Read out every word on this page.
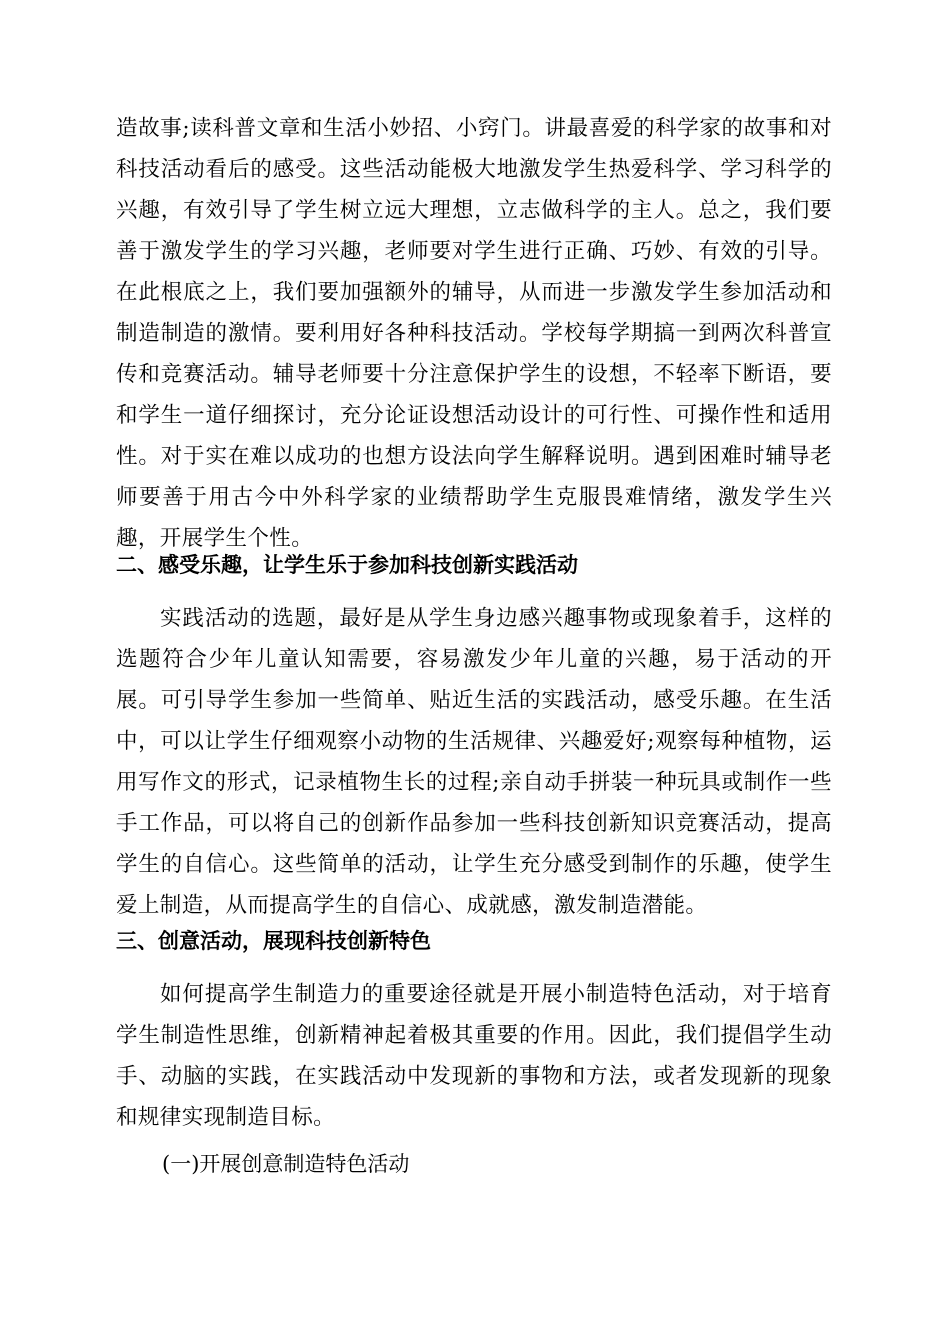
造故事;读科普文章和生活小妙招、小窍门。讲最喜爱的科学家的故事和对科技活动看后的感受。这些活动能极大地激发学生热爱科学、学习科学的兴趣，有效引导了学生树立远大理想，立志做科学的主人。总之，我们要善于激发学生的学习兴趣，老师要对学生进行正确、巧妙、有效的引导。在此根底之上，我们要加强额外的辅导，从而进一步激发学生参加活动和制造制造的激情。要利用好各种科技活动。学校每学期搞一到两次科普宣传和竞赛活动。辅导老师要十分注意保护学生的设想，不轻率下断语，要和学生一道仔细探讨，充分论证设想活动设计的可行性、可操作性和适用性。对于实在难以成功的也想方设法向学生解释说明。遇到困难时辅导老师要善于用古今中外科学家的业绩帮助学生克服畏难情绪，激发学生兴趣，开展学生个性。

二、感受乐趣，让学生乐于参加科技创新实践活动

实践活动的选题，最好是从学生身边感兴趣事物或现象着手，这样的选题符合少年儿童认知需要，容易激发少年儿童的兴趣，易于活动的开展。可引导学生参加一些简单、贴近生活的实践活动，感受乐趣。在生活中，可以让学生仔细观察小动物的生活规律、兴趣爱好;观察每种植物，运用写作文的形式，记录植物生长的过程;亲自动手拼装一种玩具或制作一些手工作品，可以将自己的创新作品参加一些科技创新知识竞赛活动，提高学生的自信心。这些简单的活动，让学生充分感受到制作的乐趣，使学生爱上制造，从而提高学生的自信心、成就感，激发制造潜能。

三、创意活动，展现科技创新特色

如何提高学生制造力的重要途径就是开展小制造特色活动，对于培育学生制造性思维，创新精神起着极其重要的作用。因此，我们提倡学生动手、动脑的实践，在实践活动中发现新的事物和方法，或者发现新的现象和规律实现制造目标。

(一)开展创意制造特色活动
